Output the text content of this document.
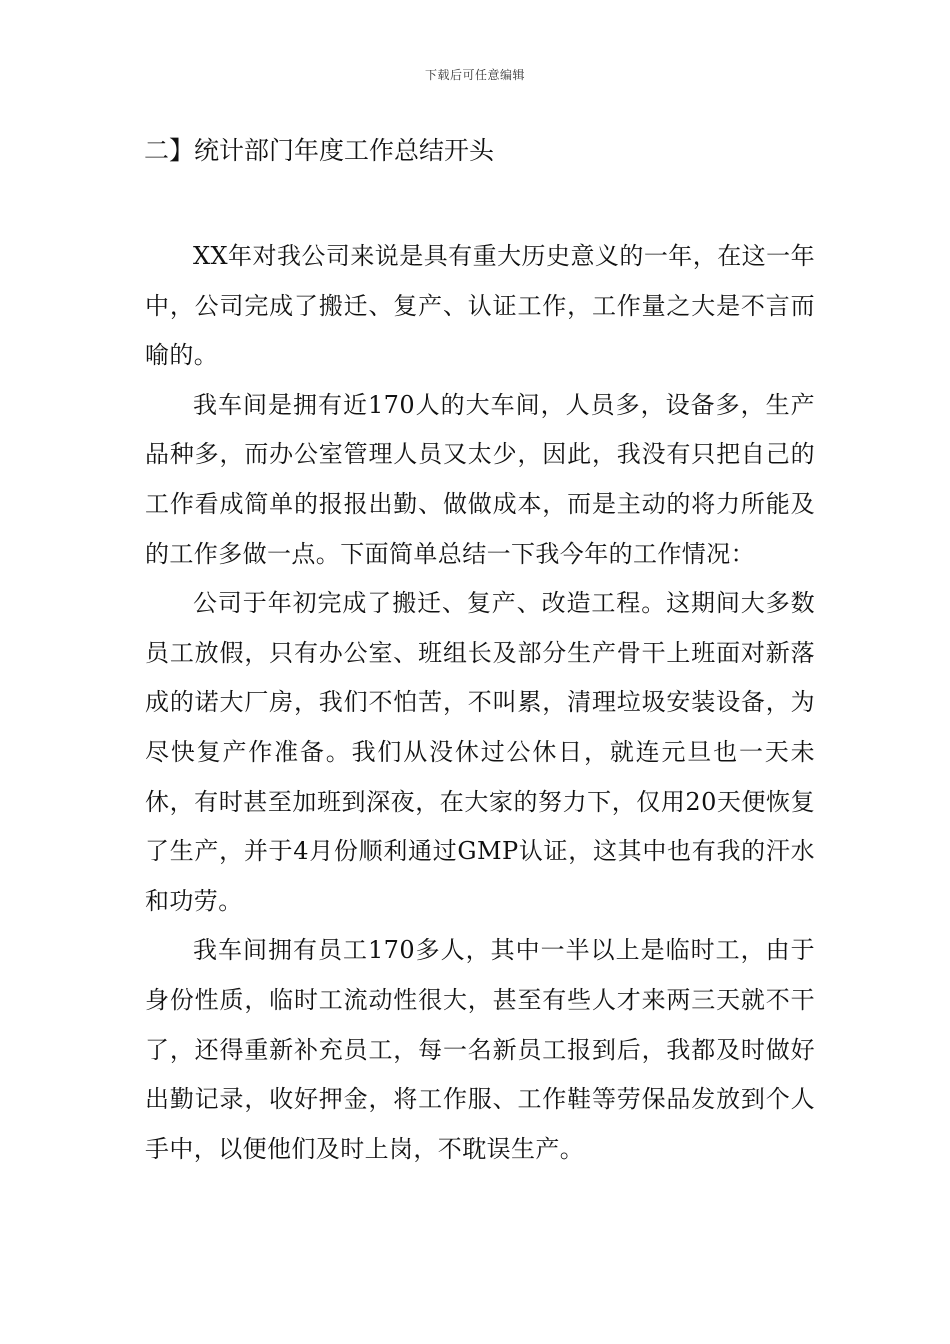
下载后可任意编辑
二】统计部门年度工作总结开头

XX年对我公司来说是具有重大历史意义的一年，在这一年中，公司完成了搬迁、复产、认证工作，工作量之大是不言而喻的。

我车间是拥有近170人的大车间，人员多，设备多，生产品种多，而办公室管理人员又太少，因此，我没有只把自己的工作看成简单的报报出勤、做做成本，而是主动的将力所能及的工作多做一点。下面简单总结一下我今年的工作情况：

公司于年初完成了搬迁、复产、改造工程。这期间大多数员工放假，只有办公室、班组长及部分生产骨干上班面对新落成的诺大厂房，我们不怕苦，不叫累，清理垃圾安装设备，为尽快复产作准备。我们从没休过公休日，就连元旦也一天未休，有时甚至加班到深夜，在大家的努力下，仅用20天便恢复了生产，并于4月份顺利通过GMP认证，这其中也有我的汗水和功劳。

我车间拥有员工170多人，其中一半以上是临时工，由于身份性质，临时工流动性很大，甚至有些人才来两三天就不干了，还得重新补充员工，每一名新员工报到后，我都及时做好出勤记录，收好押金，将工作服、工作鞋等劳保品发放到个人手中，以便他们及时上岗，不耽误生产。
